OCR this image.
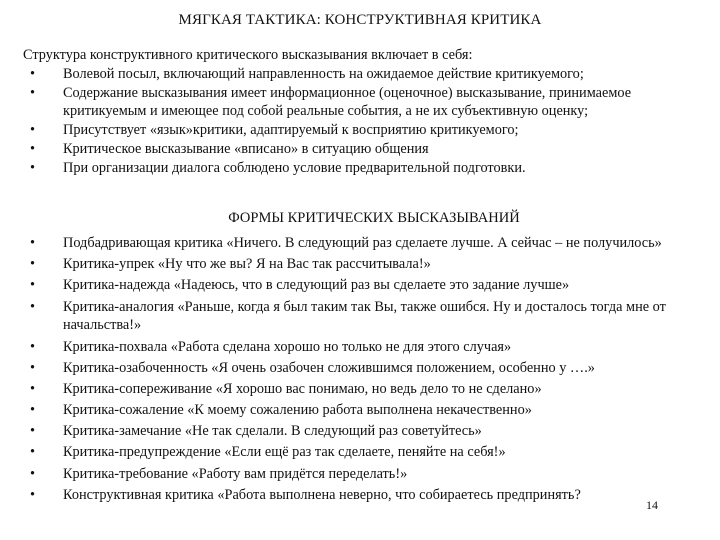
МЯГКАЯ ТАКТИКА: КОНСТРУКТИВНАЯ КРИТИКА
Структура конструктивного критического высказывания включает в себя:
• Волевой посыл, включающий направленность на ожидаемое действие критикуемого;
• Содержание высказывания имеет информационное (оценочное) высказывание, принимаемое критикуемым и имеющее под собой реальные события, а не их субъективную оценку;
• Присутствует «язык»критики, адаптируемый к восприятию критикуемого;
• Критическое высказывание «вписано» в ситуацию общения
• При организации диалога соблюдено условие предварительной подготовки.
ФОРМЫ КРИТИЧЕСКИХ ВЫСКАЗЫВАНИЙ
• Подбадривающая критика «Ничего. В следующий раз сделаете лучше. А сейчас – не получилось»
• Критика-упрек «Ну что же вы? Я на Вас так рассчитывала!»
• Критика-надежда «Надеюсь, что в следующий раз вы сделаете это задание лучше»
• Критика-аналогия «Раньше, когда я был таким так Вы, также ошибся. Ну и досталось тогда мне от начальства!»
• Критика-похвала «Работа сделана хорошо но только не для этого случая»
• Критика-озабоченность «Я очень озабочен сложившимся положением, особенно у ….»
• Критика-сопереживание «Я хорошо вас понимаю, но ведь дело то не сделано»
• Критика-сожаление «К моему сожалению работа выполнена некачественно»
• Критика-замечание «Не так сделали. В следующий раз советуйтесь»
• Критика-предупреждение «Если ещё раз так сделаете, пеняйте на себя!»
• Критика-требование «Работу вам придётся переделать!»
• Конструктивная критика «Работа выполнена неверно, что собираетесь предпринять?
14
